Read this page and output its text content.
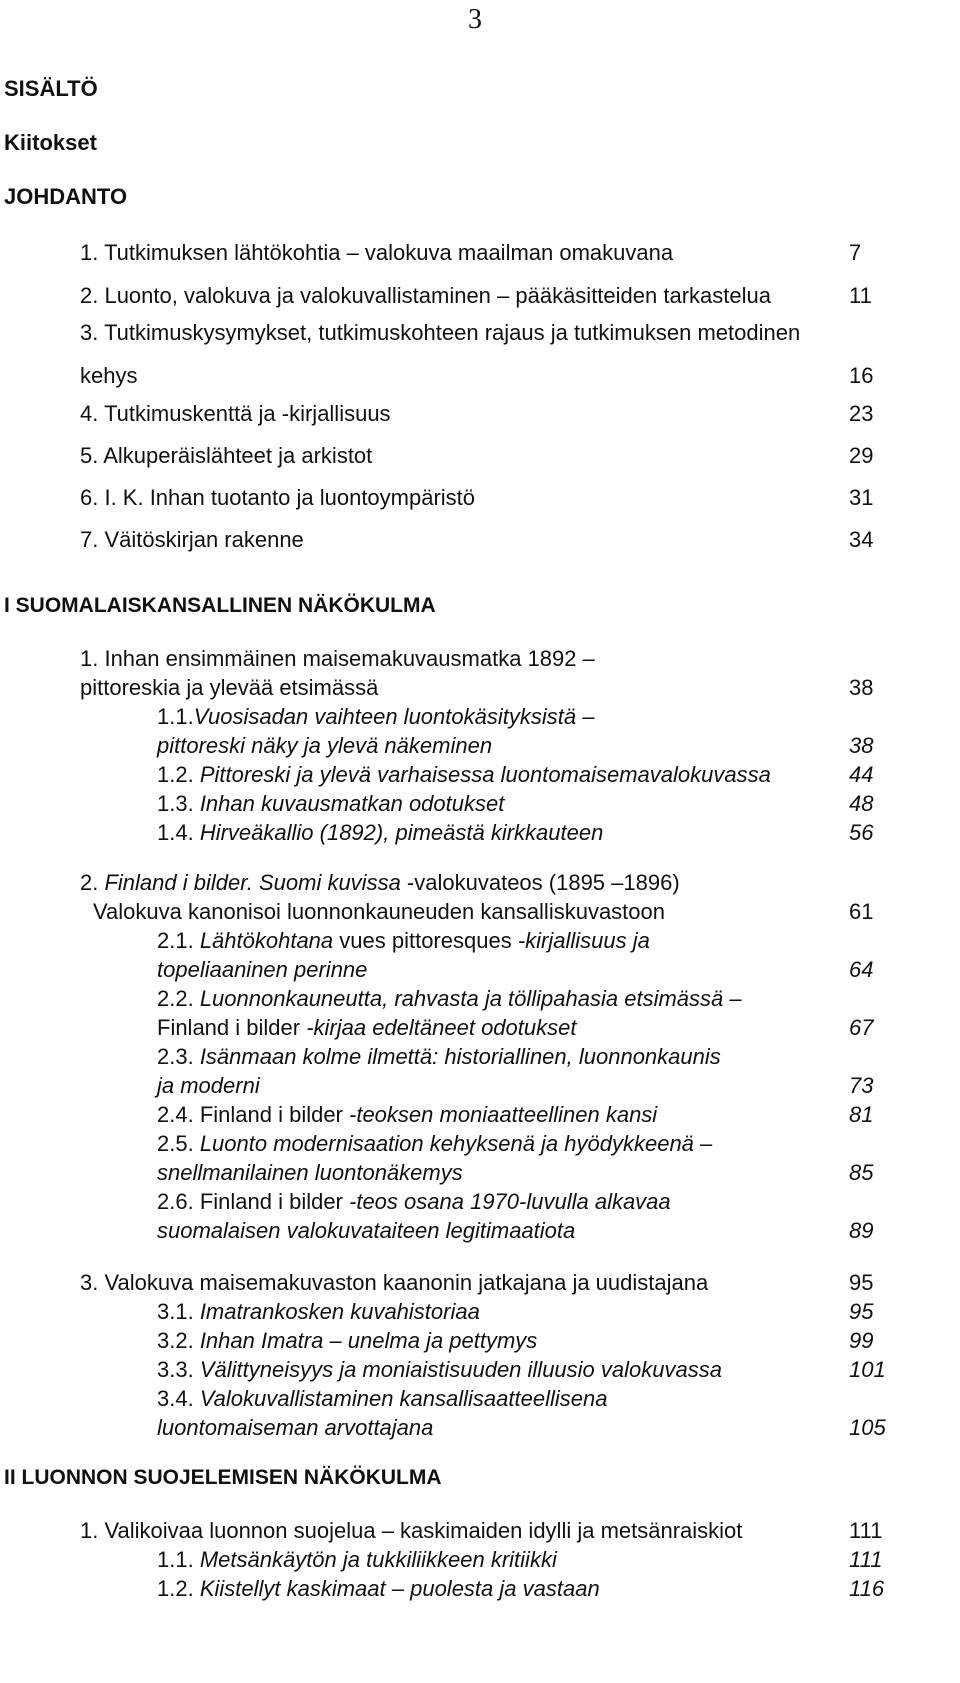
3
SISÄLTÖ
Kiitokset
JOHDANTO
1. Tutkimuksen lähtökohtia – valokuva maailman omakuvana	7
2. Luonto, valokuva ja valokuvallistaminen – pääkäsitteiden tarkastelua	11
3. Tutkimuskysymykset, tutkimuskohteen rajaus ja tutkimuksen metodinen
kehys	16
4. Tutkimuskenttä ja -kirjallisuus	23
5. Alkuperäislähteet ja arkistot	29
6. I. K. Inhan tuotanto ja luontoympäristö	31
7. Väitöskirjan rakenne	34
I SUOMALAISKANSALLINEN NÄKÖKULMA
1. Inhan ensimmäinen maisemakuvausmatka 1892 –
pittoreskia ja ylevää etsimässä	38
1.1.Vuosisadan vaihteen luontokäsityksistä –
pittoreski näky ja ylevä näkeminen	38
1.2. Pittoreski ja ylevä varhaisessa luontomaisemavalokuvassa	44
1.3. Inhan kuvausmatkan odotukset	48
1.4. Hirveäkallio (1892), pimeästä kirkkauteen	56
2. Finland i bilder. Suomi kuvissa -valokuvateos (1895 –1896)
Valokuva kanonisoi luonnonkauneuden kansalliskuvastoon	61
2.1. Lähtökohtana vues pittoresques -kirjallisuus ja
topeliaaninen perinne	64
2.2. Luonnonkauneutta, rahvasta ja töllipahasia etsimässä –
Finland i bilder -kirjaa edeltäneet odotukset	67
2.3. Isänmaan kolme ilmettä: historiallinen, luonnonkaunis
ja moderni	73
2.4. Finland i bilder -teoksen moniaatteellinen kansi	81
2.5. Luonto modernisaation kehyksenä ja hyödykkeenä –
snellmanilainen luontonäkemys	85
2.6. Finland i bilder -teos osana 1970-luvulla alkavaa
suomalaisen valokuvataiteen legitimaatiota	89
3. Valokuva maisemakuvaston kaanonin jatkajana ja uudistajana	95
3.1. Imatrankosken kuvahistoriaa	95
3.2. Inhan Imatra – unelma ja pettymys	99
3.3. Välittyneisyys ja moniaistisuuden illuusio valokuvassa	101
3.4. Valokuvallistaminen kansallisaatteellisena
luontomaiseman arvottajana	105
II LUONNON SUOJELEMISEN NÄKÖKULMA
1. Valikoivaa luonnon suojelua – kaskimaiden idylli ja metsänraiskiot	111
1.1. Metsänkäytön ja tukkiliikkeen kritiikki	111
1.2. Kiistellyt kaskimaat – puolesta ja vastaan	116
